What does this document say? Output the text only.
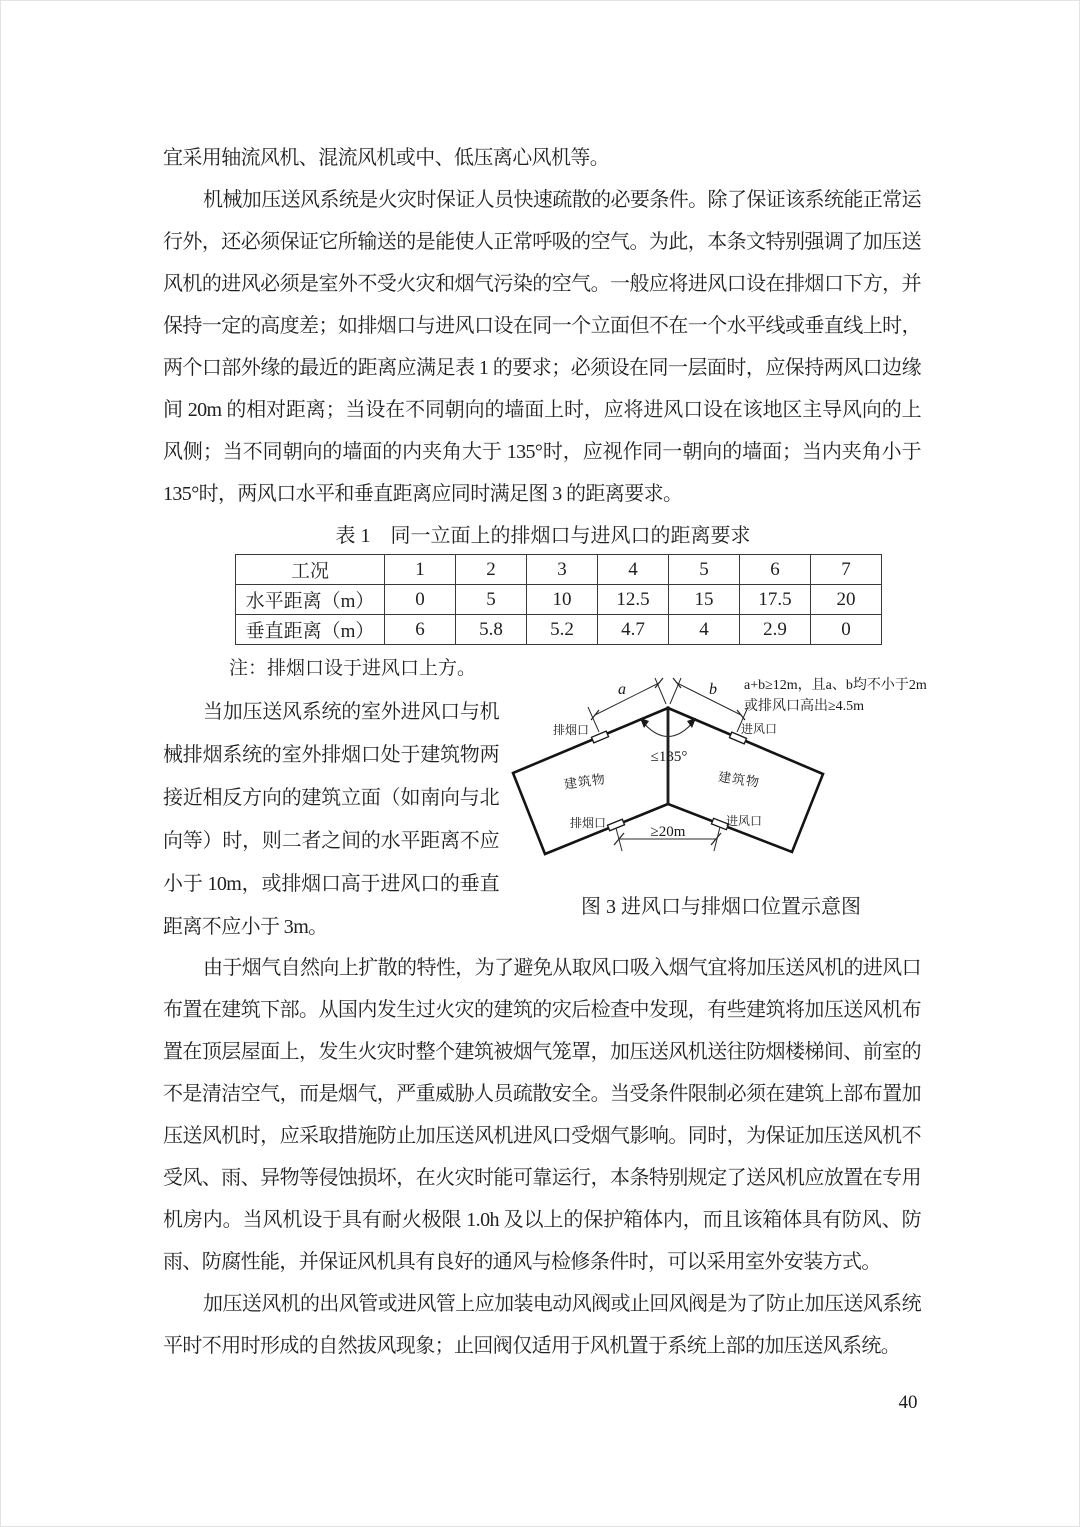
宜采用轴流风机、混流风机或中、低压离心风机等。

机械加压送风系统是火灾时保证人员快速疏散的必要条件。除了保证该系统能正常运行外，还必须保证它所输送的是能使人正常呼吸的空气。为此，本条文特别强调了加压送风机的进风必须是室外不受火灾和烟气污染的空气。一般应将进风口设在排烟口下方，并保持一定的高度差；如排烟口与进风口设在同一个立面但不在一个水平线或垂直线上时，两个口部外缘的最近的距离应满足表 1 的要求；必须设在同一层面时，应保持两风口边缘间 20m 的相对距离；当设在不同朝向的墙面上时，应将进风口设在该地区主导风向的上风侧；当不同朝向的墙面的内夹角大于 135°时，应视作同一朝向的墙面；当内夹角小于 135°时，两风口水平和垂直距离应同时满足图 3 的距离要求。

表 1　同一立面上的排烟口与进风口的距离要求
工况	1	2	3	4	5	6	7
水平距离（m）	0	5	10	12.5	15	17.5	20
垂直距离（m）	6	5.8	5.2	4.7	4	2.9	0
注：排烟口设于进风口上方。

当加压送风系统的室外进风口与机械排烟系统的室外排烟口处于建筑物两接近相反方向的建筑立面（如南向与北向等）时，则二者之间的水平距离不应小于 10m，或排烟口高于进风口的垂直距离不应小于 3m。

≤135°
a	b
排烟口	进风口
排烟口	进风口
建筑物	建筑物
≥20m
a+b≥12m，且a、b均不小于2m
或排风口高出≥4.5m
图 3 进风口与排烟口位置示意图

由于烟气自然向上扩散的特性，为了避免从取风口吸入烟气宜将加压送风机的进风口布置在建筑下部。从国内发生过火灾的建筑的灾后检查中发现，有些建筑将加压送风机布置在顶层屋面上，发生火灾时整个建筑被烟气笼罩，加压送风机送往防烟楼梯间、前室的不是清洁空气，而是烟气，严重威胁人员疏散安全。当受条件限制必须在建筑上部布置加压送风机时，应采取措施防止加压送风机进风口受烟气影响。同时，为保证加压送风机不受风、雨、异物等侵蚀损坏，在火灾时能可靠运行，本条特别规定了送风机应放置在专用机房内。当风机设于具有耐火极限 1.0h 及以上的保护箱体内，而且该箱体具有防风、防雨、防腐性能，并保证风机具有良好的通风与检修条件时，可以采用室外安装方式。

加压送风机的出风管或进风管上应加装电动风阀或止回风阀是为了防止加压送风系统平时不用时形成的自然拔风现象；止回阀仅适用于风机置于系统上部的加压送风系统。

40
